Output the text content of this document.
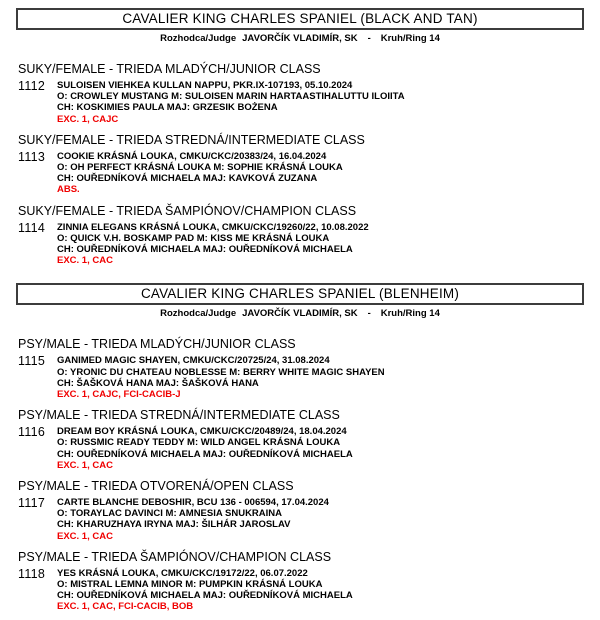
CAVALIER KING CHARLES SPANIEL (BLACK AND TAN)
Rozhodca/Judge JAVORČÍK VLADIMÍR, SK - Kruh/Ring 14
SUKY/FEMALE - TRIEDA MLADÝCH/JUNIOR CLASS
1112	SULOISEN VIEHKEA KULLAN NAPPU, PKR.IX-107193, 05.10.2024
O: CROWLEY MUSTANG M: SULOISEN MARIN HARTAASTIHALUTTU ILOIITA
CH: KOSKIMIES PAULA MAJ: GRZESIK BOŻENA
EXC. 1, CAJC
SUKY/FEMALE - TRIEDA STREDNÁ/INTERMEDIATE CLASS
1113	COOKIE KRÁSNÁ LOUKA, CMKU/CKC/20383/24, 16.04.2024
O: OH PERFECT KRÁSNÁ LOUKA M: SOPHIE KRÁSNÁ LOUKA
CH: OUŘEDNÍKOVÁ MICHAELA MAJ: KAVKOVÁ ZUZANA
ABS.
SUKY/FEMALE - TRIEDA ŠAMPIÓNOV/CHAMPION CLASS
1114	ZINNIA ELEGANS KRÁSNÁ LOUKA, CMKU/CKC/19260/22, 10.08.2022
O: QUICK V.H. BOSKAMP PAD M: KISS ME KRÁSNÁ LOUKA
CH: OUŘEDNÍKOVÁ MICHAELA MAJ: OUŘEDNÍKOVÁ MICHAELA
EXC. 1, CAC
CAVALIER KING CHARLES SPANIEL (BLENHEIM)
Rozhodca/Judge JAVORČÍK VLADIMÍR, SK - Kruh/Ring 14
PSY/MALE - TRIEDA MLADÝCH/JUNIOR CLASS
1115	GANIMED MAGIC SHAYEN, CMKU/CKC/20725/24, 31.08.2024
O: YRONIC DU CHATEAU NOBLESSE M: BERRY WHITE MAGIC SHAYEN
CH: ŠAŠKOVÁ HANA MAJ: ŠAŠKOVÁ HANA
EXC. 1, CAJC, FCI-CACIB-J
PSY/MALE - TRIEDA STREDNÁ/INTERMEDIATE CLASS
1116	DREAM BOY KRÁSNÁ LOUKA, CMKU/CKC/20489/24, 18.04.2024
O: RUSSMIC READY TEDDY M: WILD ANGEL KRÁSNÁ LOUKA
CH: OUŘEDNÍKOVÁ MICHAELA MAJ: OUŘEDNÍKOVÁ MICHAELA
EXC. 1, CAC
PSY/MALE - TRIEDA OTVORENÁ/OPEN CLASS
1117	CARTE BLANCHE DEBOSHIR, BCU 136 - 006594, 17.04.2024
O: TORAYLAC DAVINCI M: AMNESIA SNUKRAINA
CH: KHARUZHAYA IRYNA MAJ: ŠILHÁR JAROSLAV
EXC. 1, CAC
PSY/MALE - TRIEDA ŠAMPIÓNOV/CHAMPION CLASS
1118	YES KRÁSNÁ LOUKA, CMKU/CKC/19172/22, 06.07.2022
O: MISTRAL LEMNA MINOR M: PUMPKIN KRÁSNÁ LOUKA
CH: OUŘEDNÍKOVÁ MICHAELA MAJ: OUŘEDNÍKOVÁ MICHAELA
EXC. 1, CAC, FCI-CACIB, BOB
